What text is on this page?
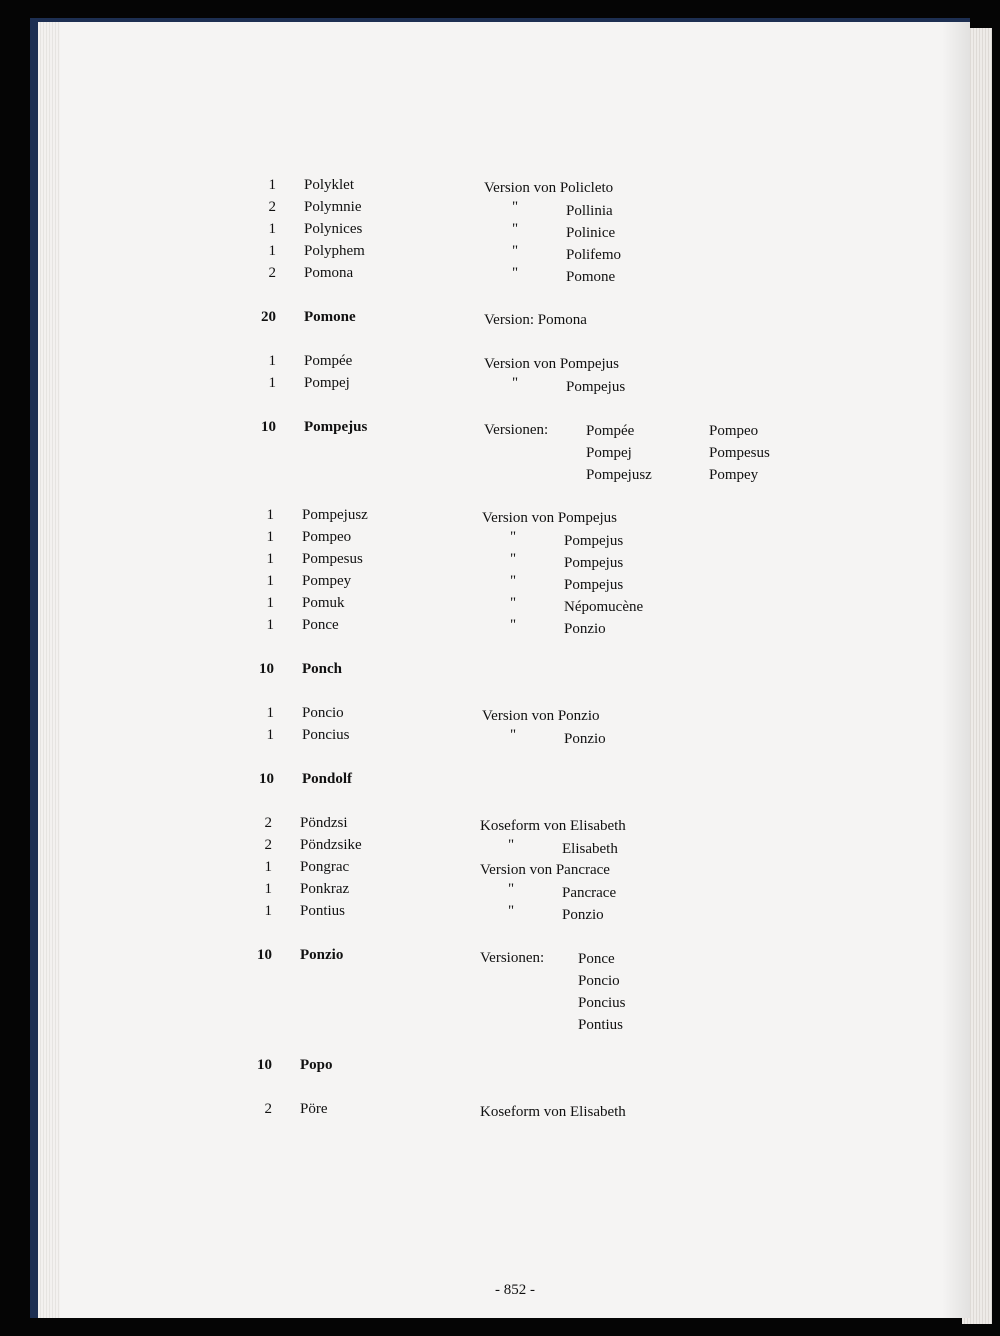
1 Polyklet	Version von Policleto
2 Polymnie	"	Pollinia
1 Polynices	"	Polinice
1 Polyphem	"	Polifemo
2 Pomona	"	Pomone
20 Pomone	Version: Pomona
1 Pompée	Version von Pompejus
1 Pompej	"	Pompejus
10 Pompejus	Versionen:	Pompée	Pompeo
Pompej	Pompesus
Pompejusz	Pompey
1 Pompejusz	Version von Pompejus
1 Pompeo	"	Pompejus
1 Pompesus	"	Pompejus
1 Pompey	"	Pompejus
1 Pomuk	"	Népomucène
1 Ponce	"	Ponzio
10 Ponch
1 Poncio	Version von Ponzio
1 Poncius	"	Ponzio
10 Pondolf
2 Pöndzsi	Koseform von Elisabeth
2 Pöndzsike	"	Elisabeth
1 Pongrac	Version von Pancrace
1 Ponkraz	"	Pancrace
1 Pontius	"	Ponzio
10 Ponzio	Versionen: Ponce
Poncio
Poncius
Pontius
10 Popo
2 Pöre	Koseform von Elisabeth
- 852 -
